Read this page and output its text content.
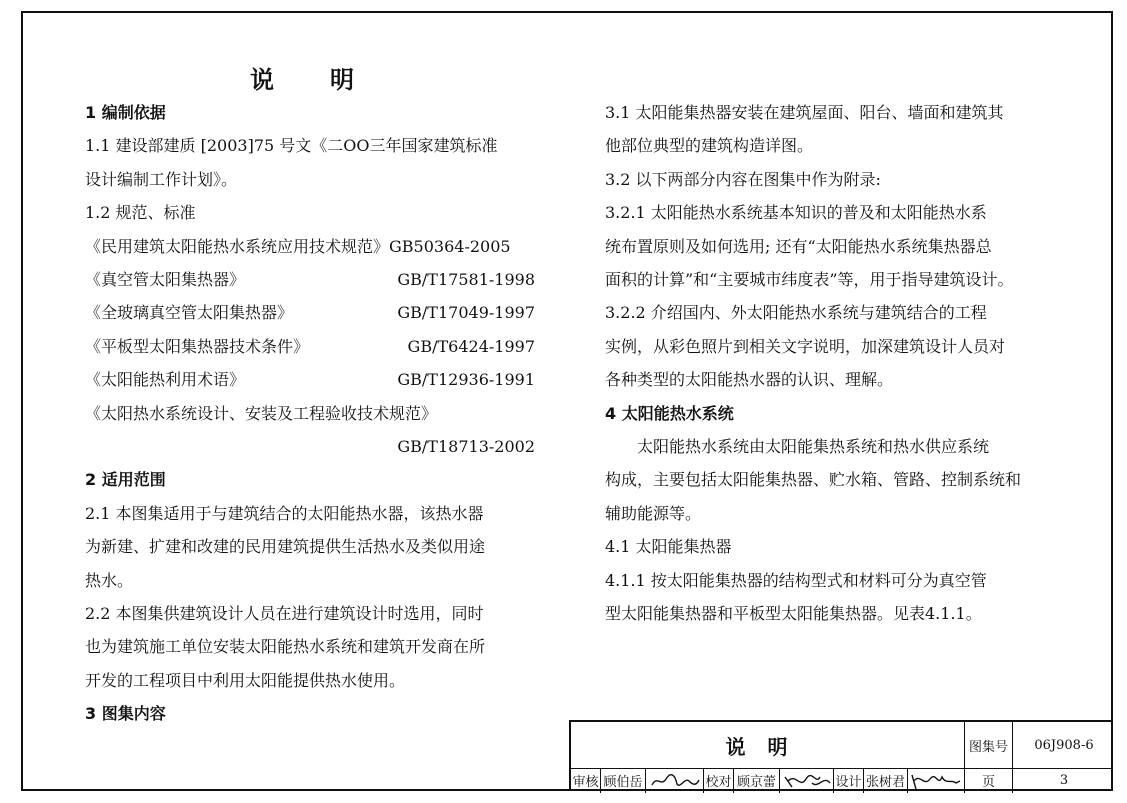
说明
1 编制依据
1.1 建设部建质 [2003]75 号文《二OO三年国家建筑标准
设计编制工作计划》。
1.2 规范、标准
《民用建筑太阳能热水系统应用技术规范》GB50364-2005
《真空管太阳集热器》	GB/T17581-1998
《全玻璃真空管太阳集热器》	GB/T17049-1997
《平板型太阳集热器技术条件》	GB/T6424-1997
《太阳能热利用术语》	GB/T12936-1991
《太阳热水系统设计、安装及工程验收技术规范》
GB/T18713-2002
2 适用范围
2.1 本图集适用于与建筑结合的太阳能热水器，该热水器
为新建、扩建和改建的民用建筑提供生活热水及类似用途
热水。
2.2 本图集供建筑设计人员在进行建筑设计时选用，同时
也为建筑施工单位安装太阳能热水系统和建筑开发商在所
开发的工程项目中利用太阳能提供热水使用。
3 图集内容
3.1 太阳能集热器安装在建筑屋面、阳台、墙面和建筑其
他部位典型的建筑构造详图。
3.2 以下两部分内容在图集中作为附录:
3.2.1 太阳能热水系统基本知识的普及和太阳能热水系
统布置原则及如何选用; 还有“太阳能热水系统集热器总
面积的计算”和“主要城市纬度表”等，用于指导建筑设计。
3.2.2 介绍国内、外太阳能热水系统与建筑结合的工程
实例，从彩色照片到相关文字说明，加深建筑设计人员对
各种类型的太阳能热水器的认识、理解。
4 太阳能热水系统
太阳能热水系统由太阳能集热系统和热水供应系统
构成，主要包括太阳能集热器、贮水箱、管路、控制系统和
辅助能源等。
4.1 太阳能集热器
4.1.1 按太阳能集热器的结构型式和材料可分为真空管
型太阳能集热器和平板型太阳能集热器。见表4.1.1。
说明	图集号	06J908-6
审核 顾伯岳	校对 顾京蕾	设计 张树君	页	3
